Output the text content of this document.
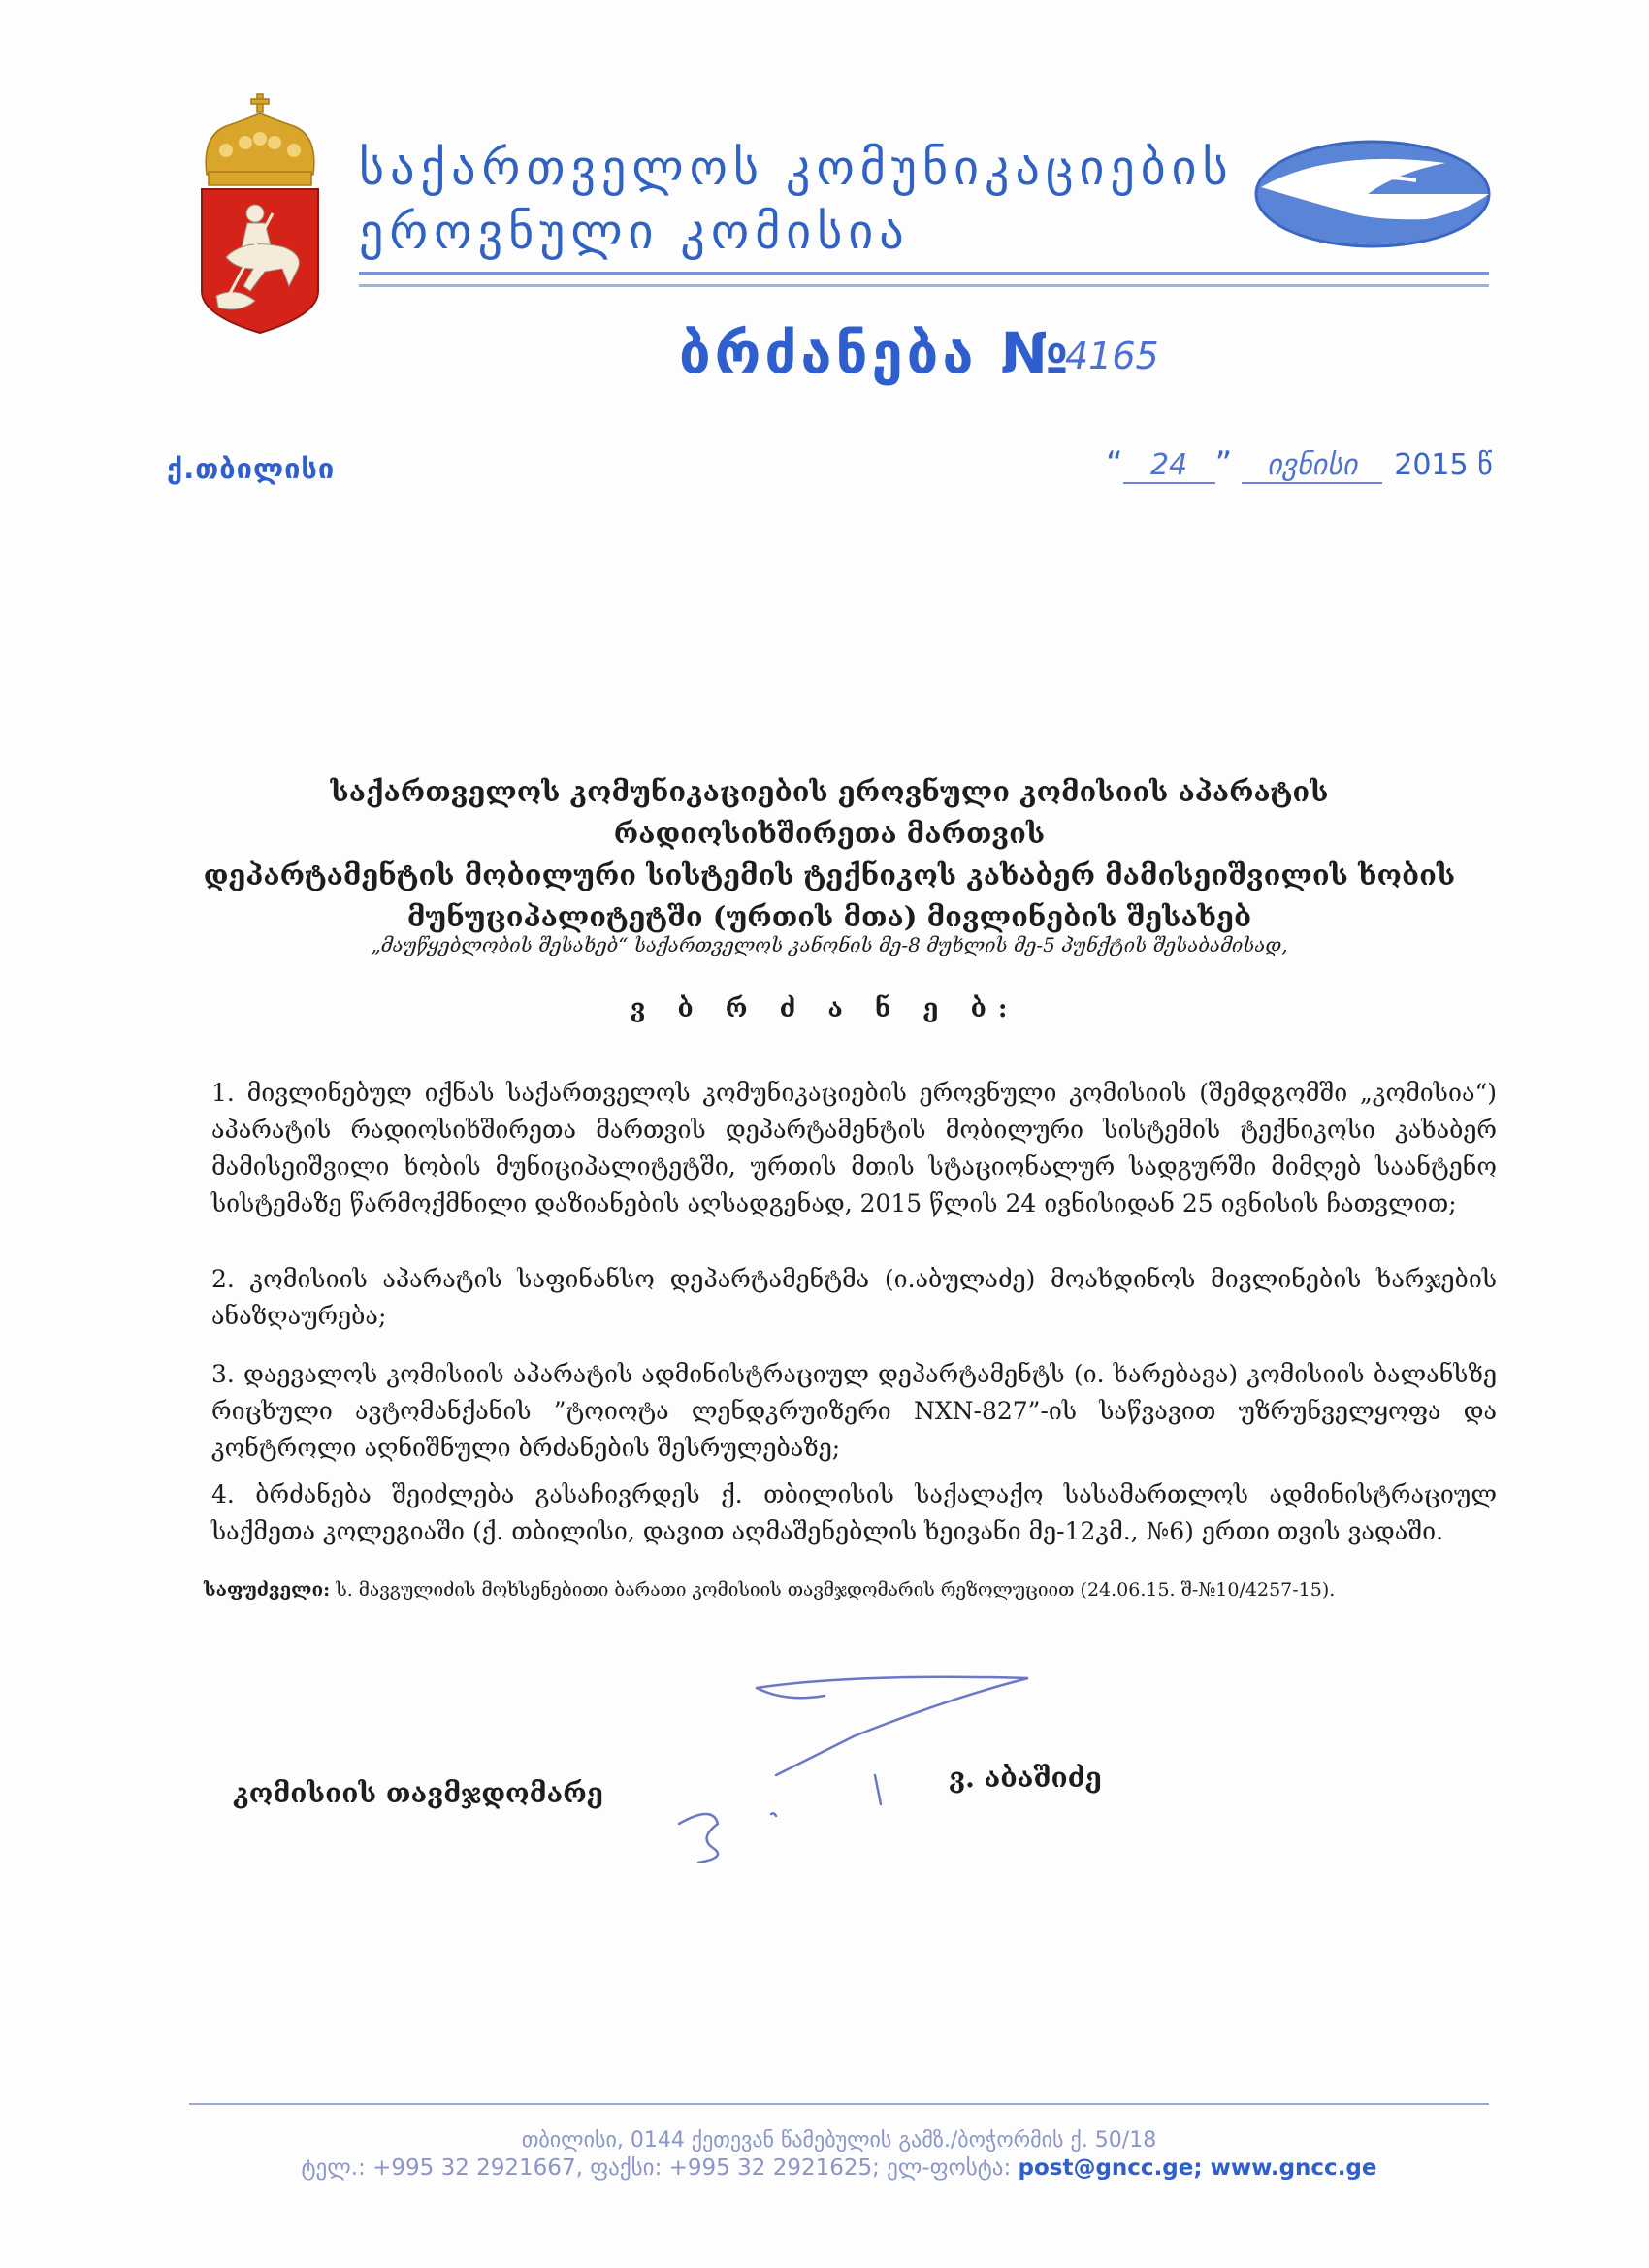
საქართველოს კომუნიკაციების
ეროვნული კომისია
ბრძანება №
4165
ქ.თბილისი	“ 24 ” ივნისი 2015 წ
საქართველოს კომუნიკაციების ეროვნული კომისიის აპარატის რადიოსიხშირეთა მართვის
დეპარტამენტის მობილური სისტემის ტექნიკოს კახაბერ მამისეიშვილის ხობის
მუნუციპალიტეტში (ურთის მთა) მივლინების შესახებ
„მაუწყებლობის შესახებ“ საქართველოს კანონის მე-8 მუხლის მე-5 პუნქტის შესაბამისად,
ვ ბ რ ძ ა ნ ე ბ:
1. მივლინებულ იქნას საქართველოს კომუნიკაციების ეროვნული კომისიის (შემდგომში „კომისია“) აპარატის რადიოსიხშირეთა მართვის დეპარტამენტის მობილური სისტემის ტექნიკოსი კახაბერ მამისეიშვილი ხობის მუნიციპალიტეტში, ურთის მთის სტაციონალურ სადგურში მიმღებ საანტენო სისტემაზე წარმოქმნილი დაზიანების აღსადგენად, 2015 წლის 24 ივნისიდან 25 ივნისის ჩათვლით;
2. კომისიის აპარატის საფინანსო დეპარტამენტმა (ი.აბულაძე) მოახდინოს მივლინების ხარჯების ანაზღაურება;
3. დაევალოს კომისიის აპარატის ადმინისტრაციულ დეპარტამენტს (ი. ხარებავა) კომისიის ბალანსზე რიცხული ავტომანქანის ”ტოიოტა ლენდკრუიზერი NXN-827”-ის საწვავით უზრუნველყოფა და კონტროლი აღნიშნული ბრძანების შესრულებაზე;
4. ბრძანება შეიძლება გასაჩივრდეს ქ. თბილისის საქალაქო სასამართლოს ადმინისტრაციულ საქმეთა კოლეგიაში (ქ. თბილისი, დავით აღმაშენებლის ხეივანი მე-12კმ., №6) ერთი თვის ვადაში.
საფუძველი: ს. მავგულიძის მოხსენებითი ბარათი კომისიის თავმჯდომარის რეზოლუციით (24.06.15. შ-№10/4257-15).
კომისიის თავმჯდომარე	ვ. აბაშიძე
თბილისი, 0144 ქეთევან წამებულის გამზ./ბოჭორმის ქ. 50/18
ტელ.: +995 32 2921667, ფაქსი: +995 32 2921625; ელ-ფოსტა: post@gncc.ge; www.gncc.ge
